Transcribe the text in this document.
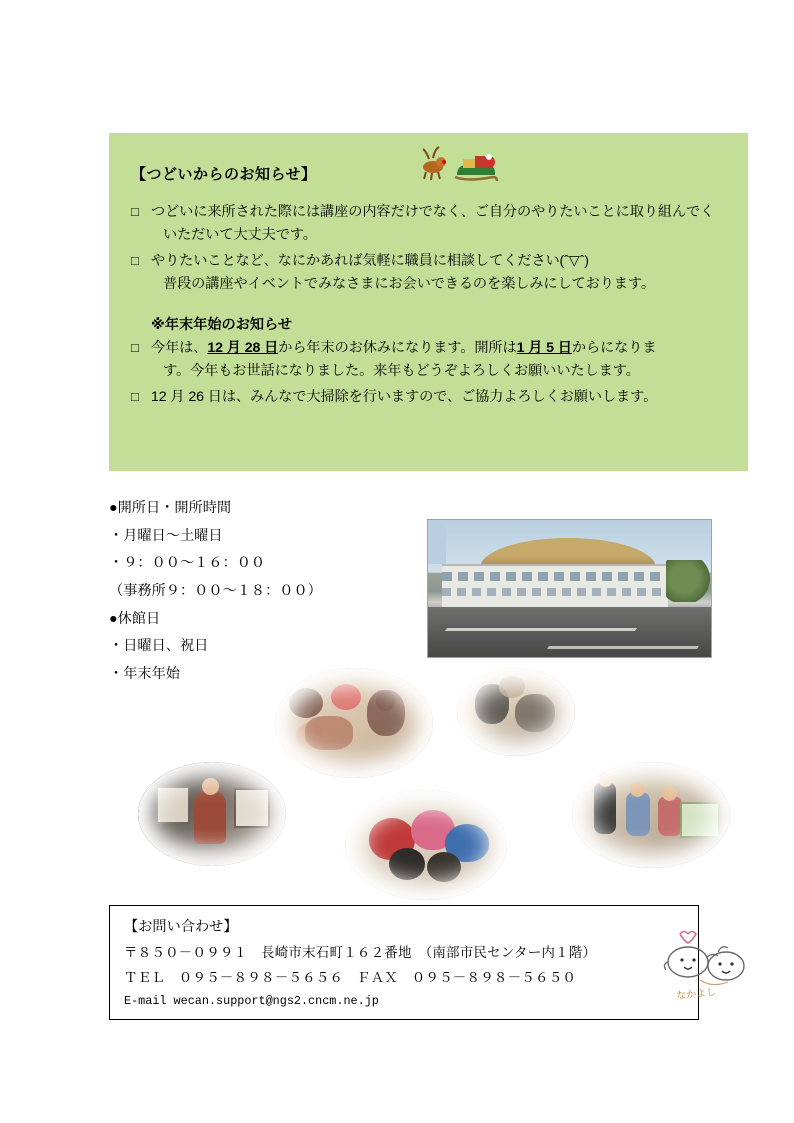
【つどいからのお知らせ】
□ つどいに来所された際には講座の内容だけでなく、ご自分のやりたいことに取り組んでく
いただいて大丈夫です。
□ やりたいことなど、なにかあれば気軽に職員に相談してください(ˆ▽ˆ)
普段の講座やイベントでみなさまにお会いできるのを楽しみにしております。
※年末年始のお知らせ
□ 今年は、12 月 28 日から年末のお休みになります。開所は1 月 5 日からになりま
す。今年もお世話になりました。来年もどうぞよろしくお願いいたします。
□ 12 月 26 日は、みんなで大掃除を行いますので、ご協力よろしくお願いします。
●開所日・開所時間
・月曜日～土曜日
・９：００～１６：００
（事務所９：００～１８：００）
●休館日
・日曜日、祝日
・年末年始
【お問い合わせ】
〒８５０－０９９１　長崎市末石町１６２番地　（南部市民センター内１階）
ＴＥＬ　０９５－８９８－５６５６　ＦＡＸ　０９５－８９８－５６５０
E-mail wecan.support@ngs2.cncm.ne.jp	なかよし
